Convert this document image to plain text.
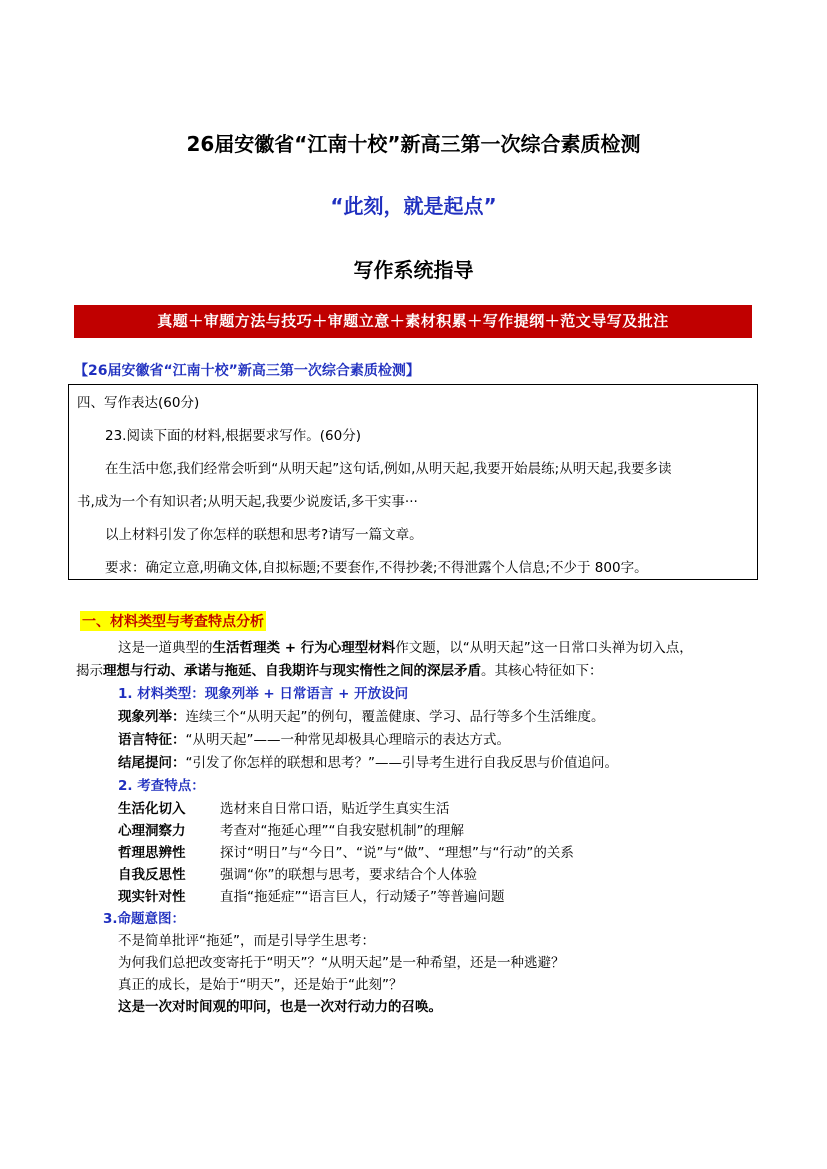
26届安徽省“江南十校”新高三第一次综合素质检测
“此刻，就是起点”
写作系统指导
真题＋审题方法与技巧＋审题立意＋素材积累＋写作提纲＋范文导写及批注
【26届安徽省“江南十校”新高三第一次综合素质检测】
四、写作表达(60分)
23.阅读下面的材料,根据要求写作。(60分)
在生活中您,我们经常会听到“从明天起”这句话,例如,从明天起,我要开始晨练;从明天起,我要多读
书,成为一个有知识者;从明天起,我要少说废话,多干实事···
以上材料引发了你怎样的联想和思考?请写一篇文章。
要求：确定立意,明确文体,自拟标题;不要套作,不得抄袭;不得泄露个人信息;不少于 800字。
一、材料类型与考查特点分析
这是一道典型的生活哲理类 + 行为心理型材料作文题，以“从明天起”这一日常口头禅为切入点，
揭示理想与行动、承诺与拖延、自我期许与现实惰性之间的深层矛盾。其核心特征如下：
1. 材料类型：现象列举 + 日常语言 + 开放设问
现象列举：连续三个“从明天起”的例句，覆盖健康、学习、品行等多个生活维度。
语言特征：“从明天起”——一种常见却极具心理暗示的表达方式。
结尾提问：“引发了你怎样的联想和思考？”——引导考生进行自我反思与价值追问。
2. 考查特点：
生活化切入	选材来自日常口语，贴近学生真实生活
心理洞察力	考查对“拖延心理”“自我安慰机制”的理解
哲理思辨性	探讨“明日”与“今日”、“说”与“做”、“理想”与“行动”的关系
自我反思性	强调“你”的联想与思考，要求结合个人体验
现实针对性	直指“拖延症”“语言巨人，行动矮子”等普遍问题
3.命题意图：
不是简单批评“拖延”，而是引导学生思考：
为何我们总把改变寄托于“明天”？“从明天起”是一种希望，还是一种逃避？
真正的成长，是始于“明天”，还是始于“此刻”？
这是一次对时间观的叩问，也是一次对行动力的召唤。
